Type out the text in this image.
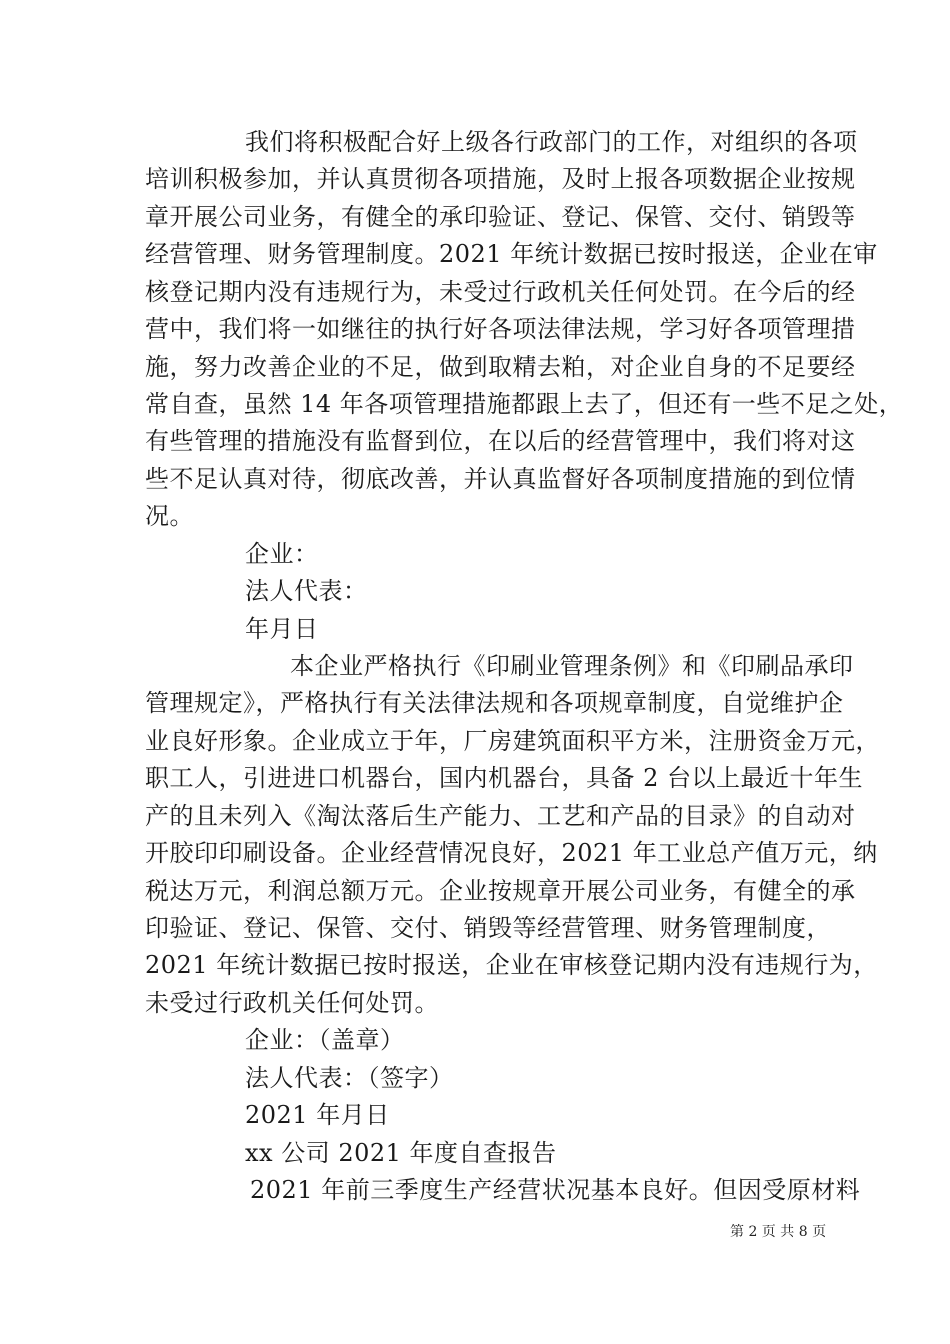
我们将积极配合好上级各行政部门的工作，对组织的各项
培训积极参加，并认真贯彻各项措施，及时上报各项数据企业按规
章开展公司业务，有健全的承印验证、登记、保管、交付、销毁等
经营管理、财务管理制度。2021 年统计数据已按时报送，企业在审
核登记期内没有违规行为，未受过行政机关任何处罚。在今后的经
营中，我们将一如继往的执行好各项法律法规，学习好各项管理措
施，努力改善企业的不足，做到取精去粕，对企业自身的不足要经
常自查，虽然 14 年各项管理措施都跟上去了，但还有一些不足之处，
有些管理的措施没有监督到位，在以后的经营管理中，我们将对这
些不足认真对待，彻底改善，并认真监督好各项制度措施的到位情
况。
企业：
法人代表：
年月日
本企业严格执行《印刷业管理条例》和《印刷品承印
管理规定》，严格执行有关法律法规和各项规章制度，自觉维护企
业良好形象。企业成立于年，厂房建筑面积平方米，注册资金万元，
职工人，引进进口机器台，国内机器台，具备 2 台以上最近十年生
产的且未列入《淘汰落后生产能力、工艺和产品的目录》的自动对
开胶印印刷设备。企业经营情况良好，2021 年工业总产值万元，纳
税达万元，利润总额万元。企业按规章开展公司业务，有健全的承
印验证、登记、保管、交付、销毁等经营管理、财务管理制度，
2021 年统计数据已按时报送，企业在审核登记期内没有违规行为，
未受过行政机关任何处罚。
企业：（盖章）
法人代表：（签字）
2021 年月日
xx 公司 2021 年度自查报告
2021 年前三季度生产经营状况基本良好。但因受原材料
第 2 页 共 8 页
